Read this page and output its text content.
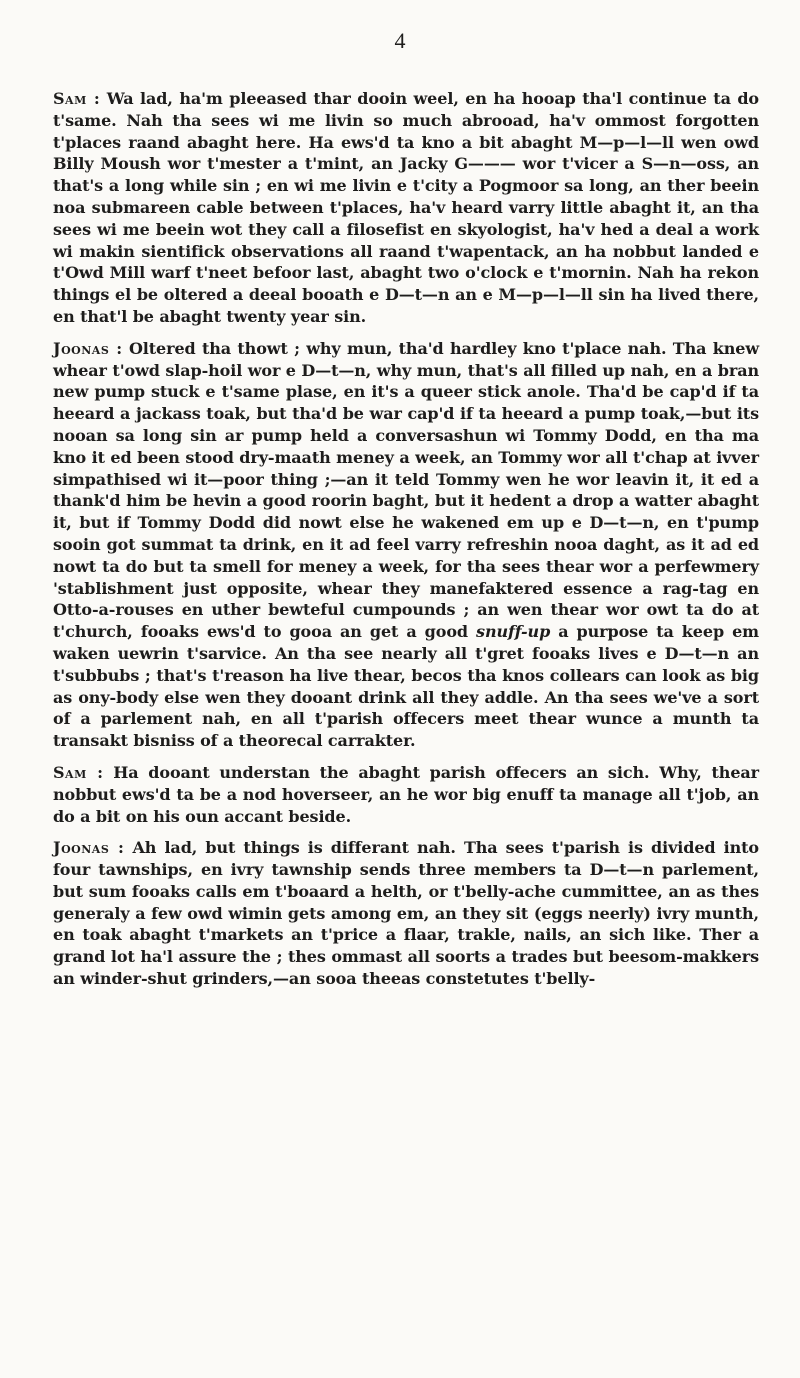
4

Sam : Wa lad, ha'm pleeased thar dooin weel, en ha hooap tha'l continue ta do t'same. Nah tha sees wi me livin so much abrooad, ha'v ommost forgotten t'places raand abaght here. Ha ews'd ta kno a bit abaght M—p—l—ll wen owd Billy Moush wor t'mester a t'mint, an Jacky G——— wor t'vicer a S—n—oss, an that's a long while sin ; en wi me livin e t'city a Pogmoor sa long, an ther beein noa submareen cable between t'places, ha'v heard varry little abaght it, an tha sees wi me beein wot they call a filosefist en skyologist, ha'v hed a deal a work wi makin sientifick observations all raand t'wapentack, an ha nobbut landed e t'Owd Mill warf t'neet befoor last, abaght two o'clock e t'mornin. Nah ha rekon things el be oltered a deeal booath e D—t—n an e M—p—l—ll sin ha lived there, en that'l be abaght twenty year sin.

Joonas : Oltered tha thowt ; why mun, tha'd hardley kno t'place nah. Tha knew whear t'owd slap-hoil wor e D—t—n, why mun, that's all filled up nah, en a bran new pump stuck e t'same plase, en it's a queer stick anole. Tha'd be cap'd if ta heeard a jackass toak, but tha'd be war cap'd if ta heeard a pump toak,—but its nooan sa long sin ar pump held a conversashun wi Tommy Dodd, en tha ma kno it ed been stood dry-maath meney a week, an Tommy wor all t'chap at ivver simpathised wi it—poor thing ;—an it teld Tommy wen he wor leavin it, it ed a thank'd him be hevin a good roorin baght, but it hedent a drop a watter abaght it, but if Tommy Dodd did nowt else he wakened em up e D—t—n, en t'pump sooin got summat ta drink, en it ad feel varry refreshin nooa daght, as it ad ed nowt ta do but ta smell for meney a week, for tha sees thear wor a perfewmery 'stablishment just opposite, whear they manefaktered essence a rag-tag en Otto-a-rouses en uther bewteful cumpounds ; an wen thear wor owt ta do at t'church, fooaks ews'd to gooa an get a good snuff-up a purpose ta keep em waken uewrin t'sarvice. An tha see nearly all t'gret fooaks lives e D—t—n an t'subbubs ; that's t'reason ha live thear, becos tha knos collears can look as big as ony-body else wen they dooant drink all they addle. An tha sees we've a sort of a parlement nah, en all t'parish offecers meet thear wunce a munth ta transakt bisniss of a theorecal carrakter.

Sam : Ha dooant understan the abaght parish offecers an sich. Why, thear nobbut ews'd ta be a nod hoverseer, an he wor big enuff ta manage all t'job, an do a bit on his oun accant beside.

Joonas : Ah lad, but things is differant nah. Tha sees t'parish is divided into four tawnships, en ivry tawnship sends three members ta D—t—n parlement, but sum fooaks calls em t'boaard a helth, or t'belly-ache cummittee, an as thes generaly a few owd wimin gets among em, an they sit (eggs neerly) ivry munth, en toak abaght t'markets an t'price a flaar, trakle, nails, an sich like. Ther a grand lot ha'l assure the ; thes ommast all soorts a trades but beesom-makkers an winder-shut grinders,—an sooa theeas constetutes t'belly-
